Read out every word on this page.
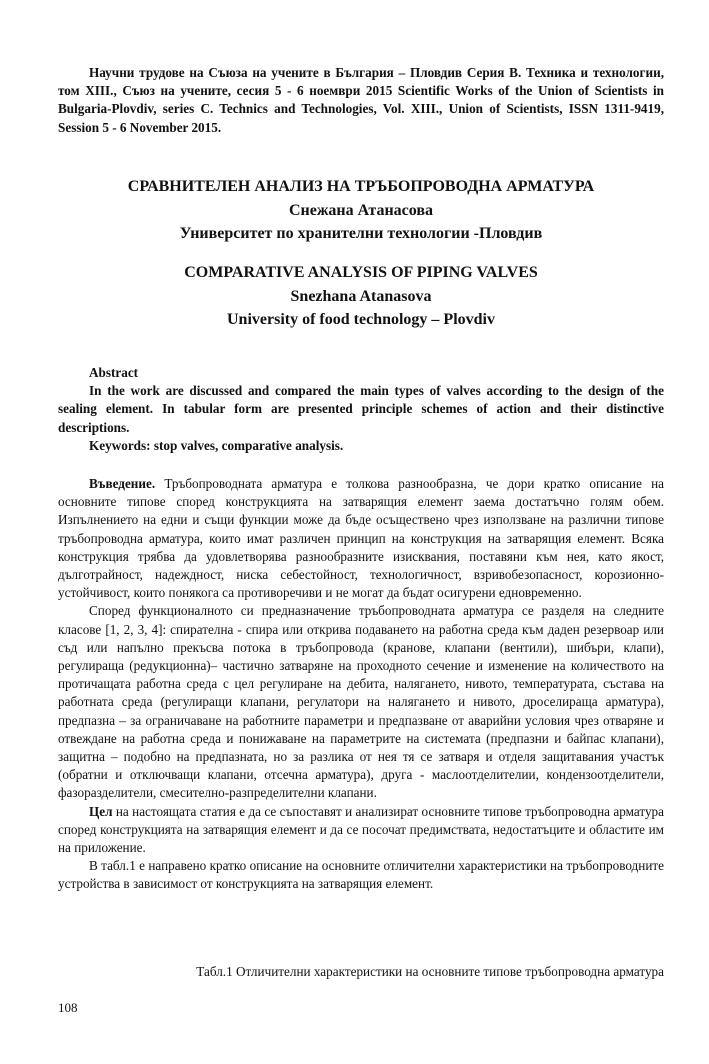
Научни трудове на Съюза на учените в България – Пловдив Серия В. Техника и технологии, том XIII., Съюз на учените, сесия 5 - 6 ноември 2015 Scientific Works of the Union of Scientists in Bulgaria-Plovdiv, series C. Technics and Technologies, Vol. XIII., Union of Scientists, ISSN 1311-9419, Session 5 - 6 November 2015.

СРАВНИТЕЛЕН АНАЛИЗ НА ТРЪБОПРОВОДНА АРМАТУРА
Снежана Атанасова
Университет по хранителни технологии -Пловдив
COMPARATIVE ANALYSIS OF PIPING VALVES
Snezhana Atanasova
University of food technology – Plovdiv
Abstract
In the work are discussed and compared the main types of valves according to the design of the sealing element. In tabular form are presented principle schemes of action and their distinctive descriptions.
Keywords: stop valves, comparative analysis.

Въведение. Тръбопроводната арматура е толкова разнообразна, че дори кратко описание на основните типове според конструкцията на затварящия елемент заема достатъчно голям обем. Изпълнението на едни и същи функции може да бъде осъществено чрез използване на различни типове тръбопроводна арматура, които имат различен принцип на конструкция на затварящия елемент. Всяка конструкция трябва да удовлетворява разнообразните изисквания, поставяни към нея, като якост, дълготрайност, надеждност, ниска себестойност, технологичност, взривобезопасност, корозионно-устойчивост, които понякога са противоречиви и не могат да бъдат осигурени едновременно.

Според функционалното си предназначение тръбопроводната арматура се разделя на следните класове [1, 2, 3, 4]: спирателна - спира или открива подаването на работна среда към даден резервоар или съд или напълно прекъсва потока в тръбопровода (кранове, клапани (вентили), шибъри, клапи), регулираща (редукционна)– частично затваряне на проходното сечение и изменение на количеството на протичащата работна среда с цел регулиране на дебита, налягането, нивото, температурата, състава на работната среда (регулиращи клапани, регулатори на налягането и нивото, дроселираща арматура), предпазна – за ограничаване на работните параметри и предпазване от аварийни условия чрез отваряне и отвеждане на работна среда и понижаване на параметрите на системата (предпазни и байпас клапани), защитна – подобно на предпазната, но за разлика от нея тя се затваря и отделя защитавания участък (обратни и отключващи клапани, отсечна арматура), друга - маслоотделителии, кондензоотделители, фазоразделители, смесително-разпределителни клапани.

Цел на настоящата статия е да се съпоставят и анализират основните типове тръбопроводна арматура според конструкцията на затварящия елемент и да се посочат предимствата, недостатъците и областите им на приложение.

В табл.1 е направено кратко описание на основните отличителни характеристики на тръбопроводните устройства в зависимост от конструкцията на затварящия елемент.

Табл.1 Отличителни характеристики на основните типове тръбопроводна арматура
108
